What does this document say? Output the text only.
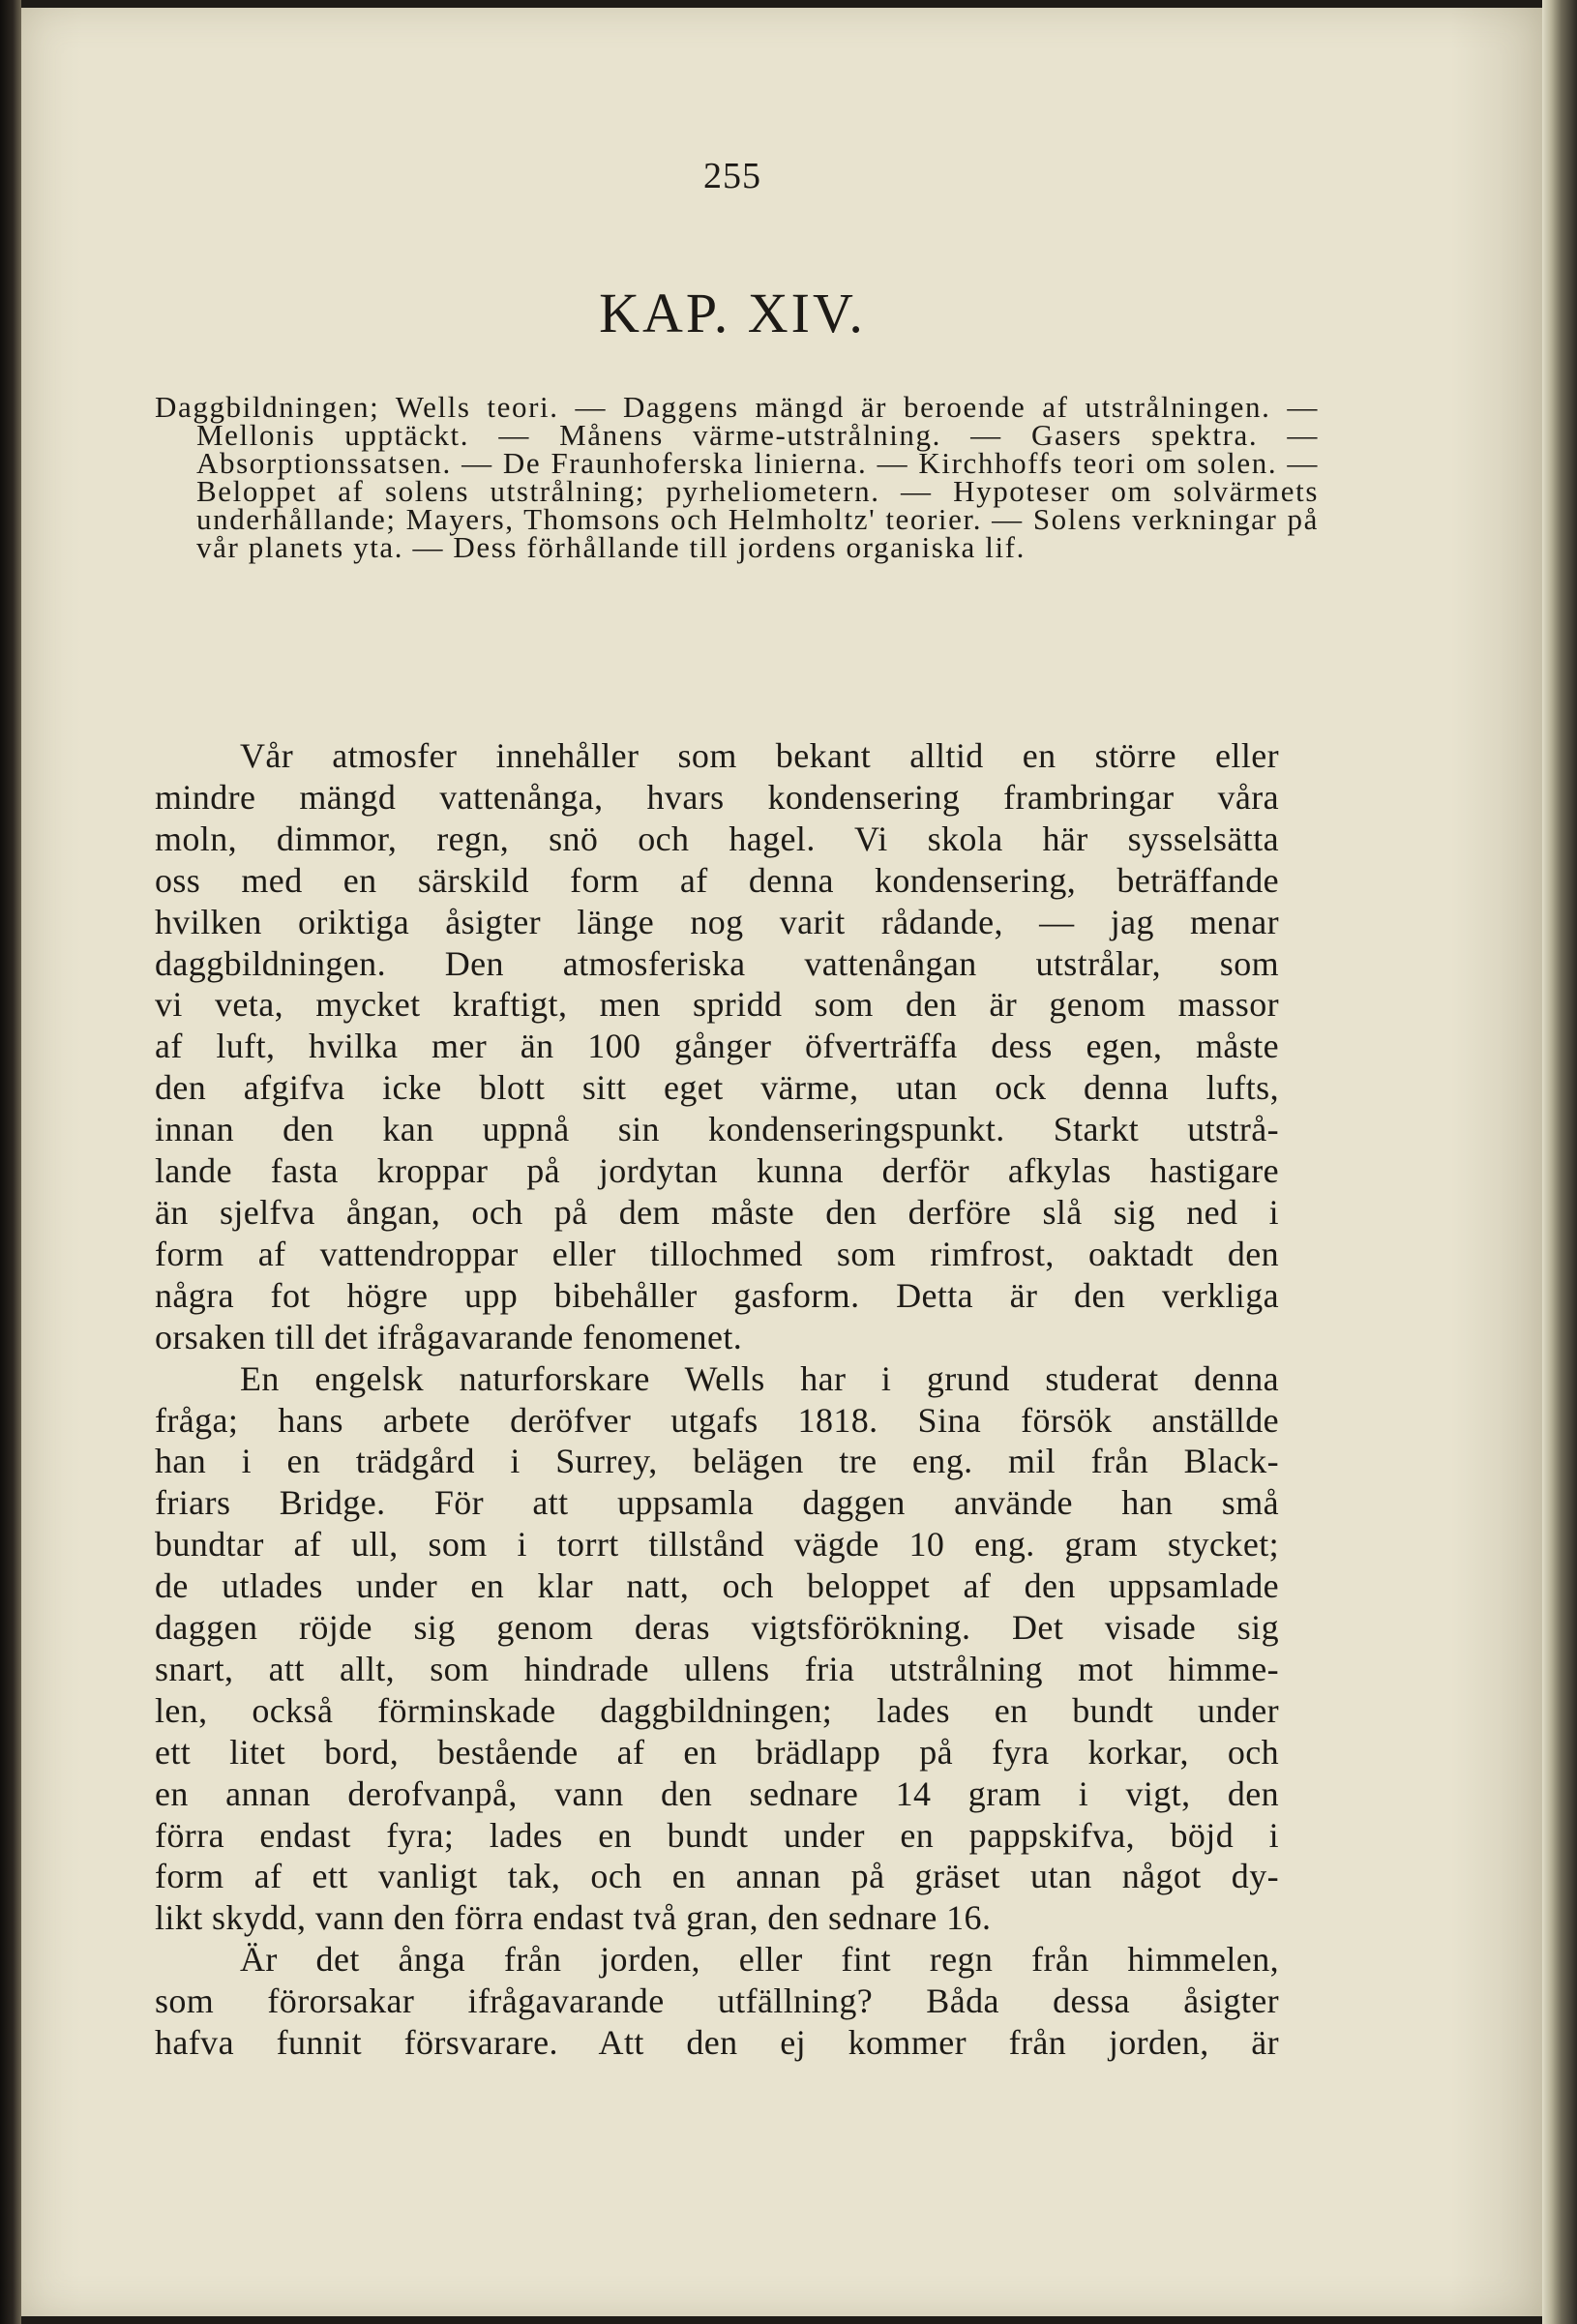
255
KAP. XIV.
Daggbildningen; Wells teori. — Daggens mängd är beroende af utstrålningen. — Mellonis upptäckt. — Månens värme-utstrålning. — Gasers spektra. — Absorptionssatsen. — De Fraunhoferska linierna. — Kirchhoffs teori om solen. — Beloppet af solens utstrålning; pyrheliometern. — Hypoteser om solvärmets underhållande; Mayers, Thomsons och Helmholtz' teorier. — Solens verkningar på vår planets yta. — Dess förhållande till jordens organiska lif.
Vår atmosfer innehåller som bekant alltid en större eller
mindre mängd vattenånga, hvars kondensering frambringar våra
moln, dimmor, regn, snö och hagel. Vi skola här sysselsätta
oss med en särskild form af denna kondensering, beträffande
hvilken oriktiga åsigter länge nog varit rådande, — jag menar
daggbildningen. Den atmosferiska vattenångan utstrålar, som
vi veta, mycket kraftigt, men spridd som den är genom massor
af luft, hvilka mer än 100 gånger öfverträffa dess egen, måste
den afgifva icke blott sitt eget värme, utan ock denna lufts,
innan den kan uppnå sin kondenseringspunkt. Starkt utstrå-
lande fasta kroppar på jordytan kunna derför afkylas hastigare
än sjelfva ångan, och på dem måste den derföre slå sig ned i
form af vattendroppar eller tillochmed som rimfrost, oaktadt den
några fot högre upp bibehåller gasform. Detta är den verkliga
orsaken till det ifrågavarande fenomenet.
En engelsk naturforskare Wells har i grund studerat denna
fråga; hans arbete deröfver utgafs 1818. Sina försök anställde
han i en trädgård i Surrey, belägen tre eng. mil från Black-
friars Bridge. För att uppsamla daggen använde han små
bundtar af ull, som i torrt tillstånd vägde 10 eng. gram stycket;
de utlades under en klar natt, och beloppet af den uppsamlade
daggen röjde sig genom deras vigtsförökning. Det visade sig
snart, att allt, som hindrade ullens fria utstrålning mot himme-
len, också förminskade daggbildningen; lades en bundt under
ett litet bord, bestående af en brädlapp på fyra korkar, och
en annan derofvanpå, vann den sednare 14 gram i vigt, den
förra endast fyra; lades en bundt under en pappskifva, böjd i
form af ett vanligt tak, och en annan på gräset utan något dy-
likt skydd, vann den förra endast två gran, den sednare 16.
Är det ånga från jorden, eller fint regn från himmelen,
som förorsakar ifrågavarande utfällning? Båda dessa åsigter
hafva funnit försvarare. Att den ej kommer från jorden, är
